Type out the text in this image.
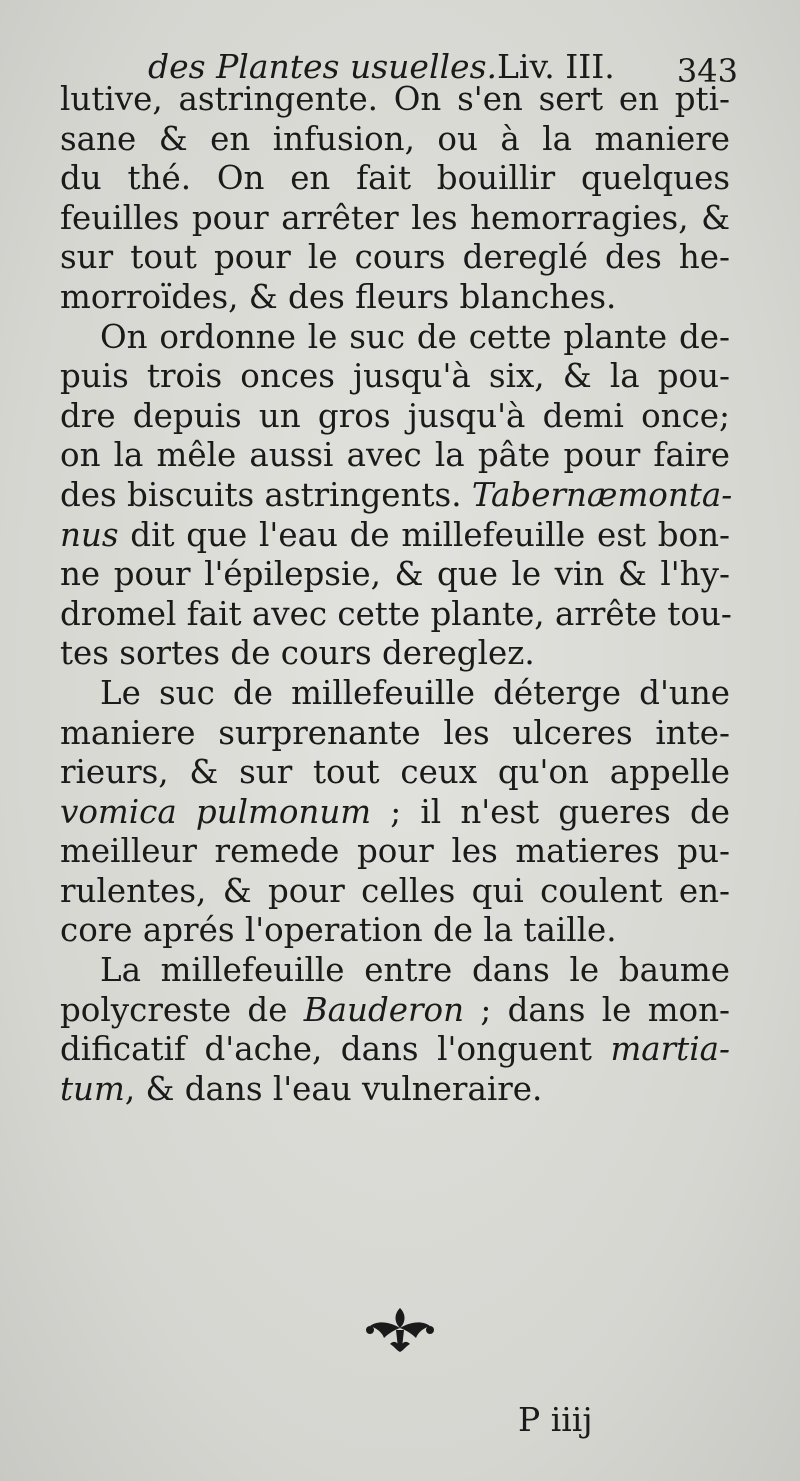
des Plantes usuelles.Liv. III. 343
lutive, astringente. On s'en sert en pti-
sane & en infusion, ou à la maniere
du thé. On en fait bouillir quelques
feuilles pour arrêter les hemorragies, &
sur tout pour le cours dereglé des he-
morroïdes, & des fleurs blanches.
On ordonne le suc de cette plante de-
puis trois onces jusqu'à six, & la pou-
dre depuis un gros jusqu'à demi once;
on la mêle aussi avec la pâte pour faire
des biscuits astringents. Tabernæmonta-
nus dit que l'eau de millefeuille est bon-
ne pour l'épilepsie, & que le vin & l'hy-
dromel fait avec cette plante, arrête tou-
tes sortes de cours dereglez.
Le suc de millefeuille déterge d'une
maniere surprenante les ulceres inte-
rieurs, & sur tout ceux qu'on appelle
vomica pulmonum ; il n'est gueres de
meilleur remede pour les matieres pu-
rulentes, & pour celles qui coulent en-
core aprés l'operation de la taille.
La millefeuille entre dans le baume
polycreste de Bauderon ; dans le mon-
dificatif d'ache, dans l'onguent martia-
tum, & dans l'eau vulneraire.
P iiij
